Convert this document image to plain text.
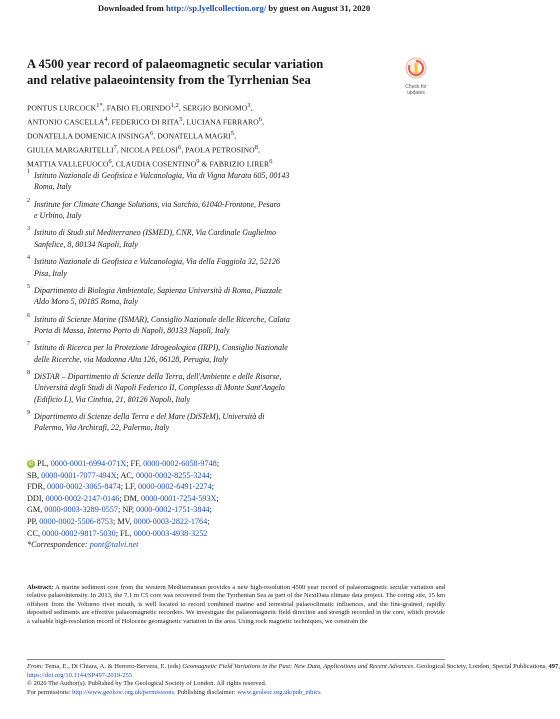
Downloaded from http://sp.lyellcollection.org/ by guest on August 31, 2020
A 4500 year record of palaeomagnetic secular variation
and relative palaeointensity from the Tyrrhenian Sea
Check for
updates
PONTUS $LURCOCK^{1*}$, FABIO FLORINDO$^{1,2}$, SERGIO BONOMO$^3$,
ANTONIO CASCELLA$^4$, FEDERICO DI RITA$^5$, LUCIANA FERRARO$^6$,
DONATELLA DOMENICA INSINGA$^6$, DONATELLA MAGRI$^5$,
GIULIA MARGARITELLI$^7$, NICOLA PELOSI$^6$, PAOLA PETROSINO$^8$,
MATTIA VALLEFUOCO$^6$, CLAUDIA COSENTINO$^9$ & FABRIZIO LIRER$^6$
1 Istituto Nazionale di Geofisica e Vulcanologia, Via di Vigna Murata 605, 00143
Roma, Italy
2 Institute for Climate Change Solutions, via Sorchio, 61040-Frontone, Pesaro
e Urbino, Italy
3 Istituto di Studi sul Mediterraneo (ISMED), CNR, Via Cardinale Guglielmo
Sanfelice, 8, 80134 Napoli, Italy
4 Istituto Nazionale di Geofisica e Vulcanologia, Via della Faggiola 32, 52126
Pisa, Italy
5 Dipartimento di Biologia Ambientale, Sapienza Università di Roma, Piazzale
Aldo Moro 5, 00185 Roma, Italy
6 Istituto di Scienze Marine (ISMAR), Consiglio Nazionale delle Ricerche, Calata
Porta di Massa, Interno Porto di Napoli, 80133 Napoli, Italy
7 Istituto di Ricerca per la Protezione Idrogeologica (IRPI), Consiglio Nazionale
delle Ricerche, via Madonna Alta 126, 06128, Perugia, Italy
8 DiSTAR – Dipartimento di Scienze della Terra, dell'Ambiente e delle Risorse,
Università degli Studi di Napoli Federico II, Complesso di Monte Sant'Angelo
(Edificio L), Via Cinthia, 21, 80126 Napoli, Italy
9 Dipartimento di Scienze della Terra e del Mare (DiSTeM), Università di
Palermo, Via Archirafi, 22, Palermo, Italy
iD PL, 0000-0001-6994-071X; FF, 0000-0002-6058-9748;
SB, 0000-0001-7077-494X; AC, 0000-0002-8255-3244;
FDR, 0000-0002-3065-8474; LF, 0000-0002-6491-2274;
DDI, 0000-0002-2147-0146; DM, 0000-0001-7254-593X;
GM, 0000-0003-3289-0557; NP, 0000-0002-1751-3844;
PP, 0000-0002-5506-8753; MV, 0000-0003-2822-1764;
CC, 0000-0002-9817-5030; FL, 0000-0003-4938-3252
*Correspondence: pont@talvi.net
Abstract: A marine sediment core from the western Mediterranean provides a new high-resolution 4500 year record of palaeomagnetic secular variation and relative palaeointensity. In 2013, the 7.1 m C5 core was recovered from the Tyrrhenian Sea as part of the NextData climate data project. The coring site, 15 km offshore from the Volturno river mouth, is well located to record combined marine and terrestrial palaeoclimatic influences, and the fine-grained, rapidly deposited sediments are effective palaeomagnetic recorders. We investigate the palaeomagnetic field direction and strength recorded in the core, which provide a valuable high-resolution record of Holocene geomagnetic variation in the area. Using rock magnetic techniques, we constrain the
From: Tema, E., Di Chiara, A. & Herrero-Bervera, E. (eds) Geomagnetic Field Variations in the Past: New Data, Applications and Recent Advances. Geological Society, London, Special Publications, 497,
https://doi.org/10.1144/SP497-2019-255
© 2020 The Author(s). Published by The Geological Society of London. All rights reserved.
For permissions: http://www.geolsoc.org.uk/permissions. Publishing disclaimer: www.geolsoc.org.uk/pub_ethics
